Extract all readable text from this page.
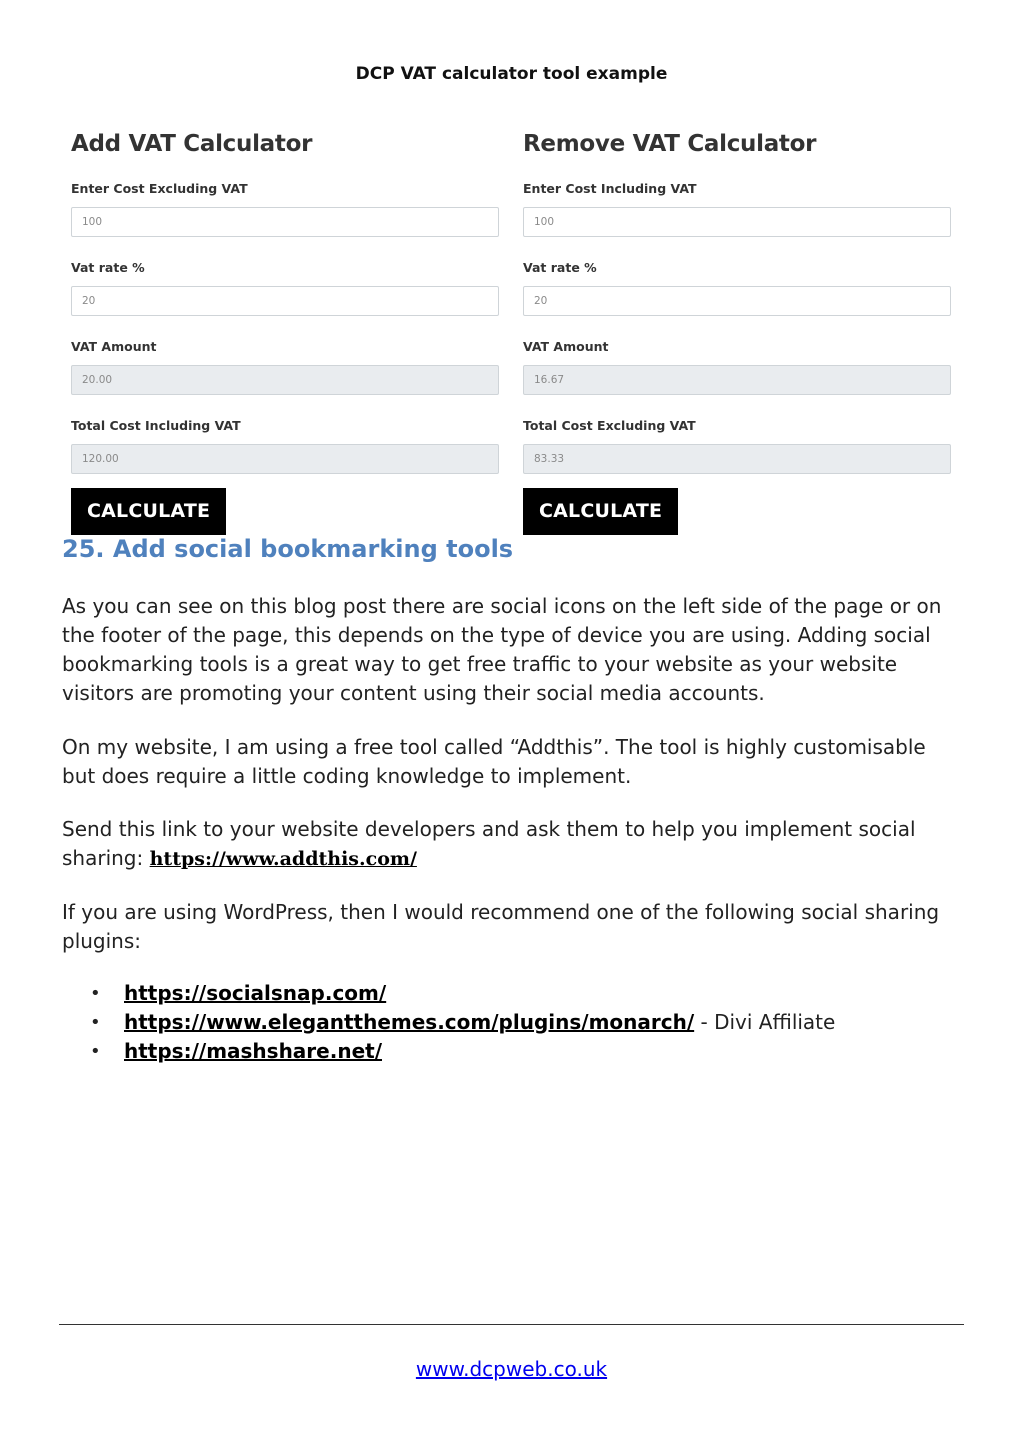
DCP VAT calculator tool example
Add VAT Calculator
Enter Cost Excluding VAT
100
Vat rate %
20
VAT Amount
20.00
Total Cost Including VAT
120.00
CALCULATE
Remove VAT Calculator
Enter Cost Including VAT
100
Vat rate %
20
VAT Amount
16.67
Total Cost Excluding VAT
83.33
CALCULATE
25. Add social bookmarking tools

As you can see on this blog post there are social icons on the left side of the page or on the footer of the page, this depends on the type of device you are using. Adding social bookmarking tools is a great way to get free traffic to your website as your website visitors are promoting your content using their social media accounts.

On my website, I am using a free tool called “Addthis”. The tool is highly customisable but does require a little coding knowledge to implement.

Send this link to your website developers and ask them to help you implement social sharing: https://www.addthis.com/

If you are using WordPress, then I would recommend one of the following social sharing plugins:

• https://socialsnap.com/
• https://www.elegantthemes.com/plugins/monarch/ - Divi Affiliate
• https://mashshare.net/
www.dcpweb.co.uk
